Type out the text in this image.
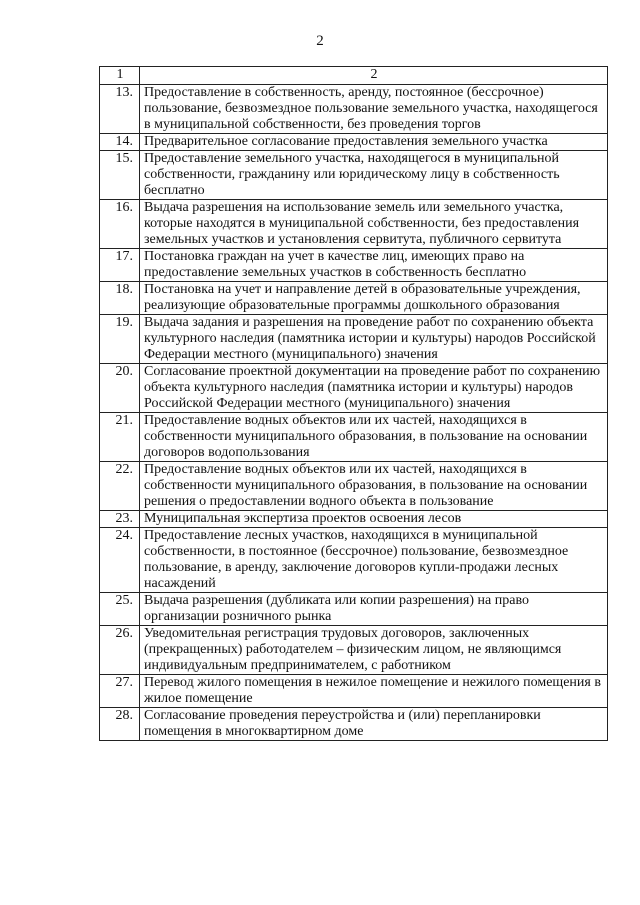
2
1	2
13.	Предоставление в собственность, аренду, постоянное (бессрочное) пользование, безвозмездное пользование земельного участка, находящегося в муниципальной собственности, без проведения торгов
14.	Предварительное согласование предоставления земельного участка
15.	Предоставление земельного участка, находящегося в муниципальной собственности, гражданину или юридическому лицу в собственность бесплатно
16.	Выдача разрешения на использование земель или земельного участка, которые находятся в муниципальной собственности, без предоставления земельных участков и установления сервитута, публичного сервитута
17.	Постановка граждан на учет в качестве лиц, имеющих право на предоставление земельных участков в собственность бесплатно
18.	Постановка на учет и направление детей в образовательные учреждения, реализующие образовательные программы дошкольного образования
19.	Выдача задания и разрешения на проведение работ по сохранению объекта культурного наследия (памятника истории и культуры) народов Российской Федерации местного (муниципального) значения
20.	Согласование проектной документации на проведение работ по сохранению объекта культурного наследия (памятника истории и культуры) народов Российской Федерации местного (муниципального) значения
21.	Предоставление водных объектов или их частей, находящихся в собственности муниципального образования, в пользование на основании договоров водопользования
22.	Предоставление водных объектов или их частей, находящихся в собственности муниципального образования, в пользование на основании решения о предоставлении водного объекта в пользование
23.	Муниципальная экспертиза проектов освоения лесов
24.	Предоставление лесных участков, находящихся в муниципальной собственности, в постоянное (бессрочное) пользование, безвозмездное пользование, в аренду, заключение договоров купли-продажи лесных насаждений
25.	Выдача разрешения (дубликата или копии разрешения) на право организации розничного рынка
26.	Уведомительная регистрация трудовых договоров, заключенных (прекращенных) работодателем – физическим лицом, не являющимся индивидуальным предпринимателем, с работником
27.	Перевод жилого помещения в нежилое помещение и нежилого помещения в жилое помещение
28.	Согласование проведения переустройства и (или) перепланировки помещения в многоквартирном доме
